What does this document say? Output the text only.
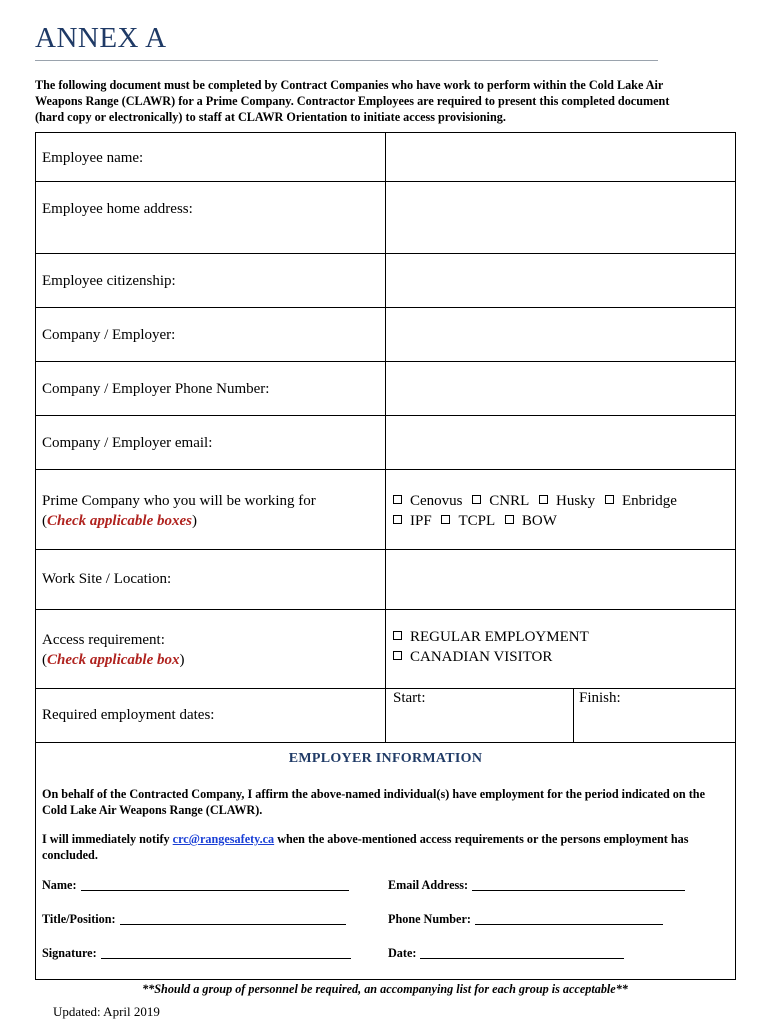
ANNEX A
The following document must be completed by Contract Companies who have work to perform within the Cold Lake Air Weapons Range (CLAWR) for a Prime Company. Contractor Employees are required to present this completed document (hard copy or electronically) to staff at CLAWR Orientation to initiate access provisioning.
Employee name:
Employee home address:
Employee citizenship:
Company / Employer:
Company / Employer Phone Number:
Company / Employer email:
Prime Company who you will be working for
(Check applicable boxes)
Cenovus CNRL Husky Enbridge
IPF TCPL BOW
Work Site / Location:
Access requirement:
(Check applicable box)
REGULAR EMPLOYMENT
CANADIAN VISITOR
Required employment dates:
Start:	Finish:
EMPLOYER INFORMATION
On behalf of the Contracted Company, I affirm the above-named individual(s) have employment for the period indicated on the Cold Lake Air Weapons Range (CLAWR).
I will immediately notify crc@rangesafety.ca when the above-mentioned access requirements or the persons employment has concluded.
Name:	Email Address:
Title/Position:	Phone Number:
Signature:	Date:
**Should a group of personnel be required, an accompanying list for each group is acceptable**
Updated: April 2019
